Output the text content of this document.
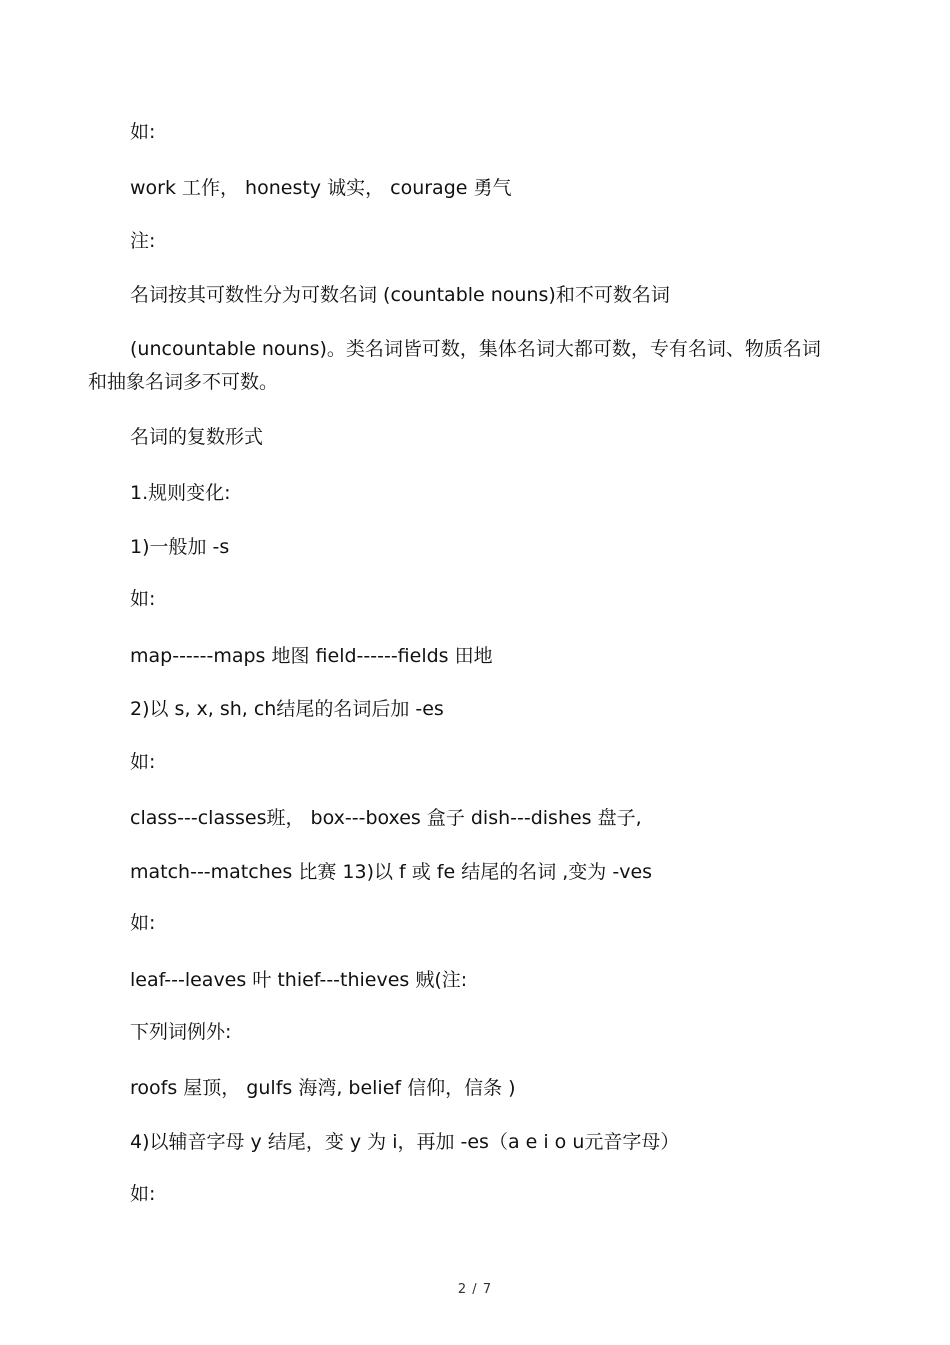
如:
work 工作， honesty 诚实， courage 勇气
注:
名词按其可数性分为可数名词 (countable nouns)和不可数名词
(uncountable nouns)。类名词皆可数，集体名词大都可数，专有名词、物质名词和抽象名词多不可数。
名词的复数形式
1.规则变化:
1)一般加 -s
如:
map------maps 地图 field------fields 田地
2)以 s, x, sh, ch结尾的名词后加 -es
如:
class---classes班， box---boxes 盒子 dish---dishes 盘子,
match---matches 比赛 13)以 f 或 fe 结尾的名词 ,变为 -ves
如:
leaf---leaves 叶 thief---thieves 贼(注:
下列词例外:
roofs 屋顶， gulfs 海湾, belief 信仰，信条 )
4)以辅音字母 y 结尾，变 y 为 i，再加 -es（a e i o u元音字母）
如:
2 / 7
